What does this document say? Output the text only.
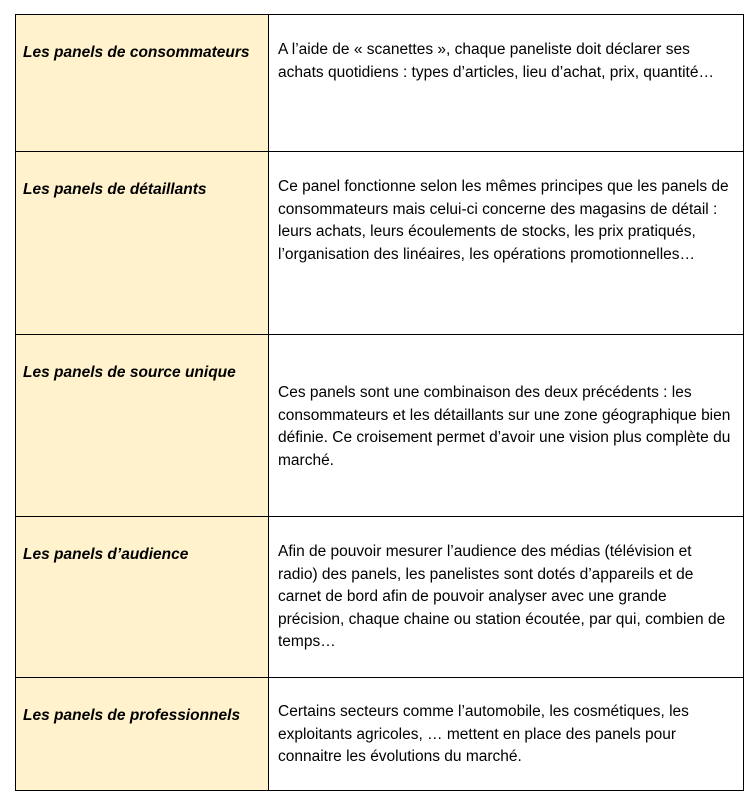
Les panels de consommateurs	A l’aide de « scanettes », chaque paneliste doit déclarer ses achats quotidiens : types d’articles, lieu d’achat, prix, quantité…
Les panels de détaillants	Ce panel fonctionne selon les mêmes principes que les panels de consommateurs mais celui-ci concerne des magasins de détail : leurs achats, leurs écoulements de stocks, les prix pratiqués, l’organisation des linéaires, les opérations promotionnelles…
Les panels de source unique	Ces panels sont une combinaison des deux précédents : les consommateurs et les détaillants sur une zone géographique bien définie. Ce croisement permet d’avoir une vision plus complète du marché.
Les panels d’audience	Afin de pouvoir mesurer l’audience des médias (télévision et radio) des panels, les panelistes sont dotés d’appareils et de carnet de bord afin de pouvoir analyser avec une grande précision, chaque chaine ou station écoutée, par qui, combien de temps…
Les panels de professionnels	Certains secteurs comme l’automobile, les cosmétiques, les exploitants agricoles, … mettent en place des panels pour connaitre les évolutions du marché.
